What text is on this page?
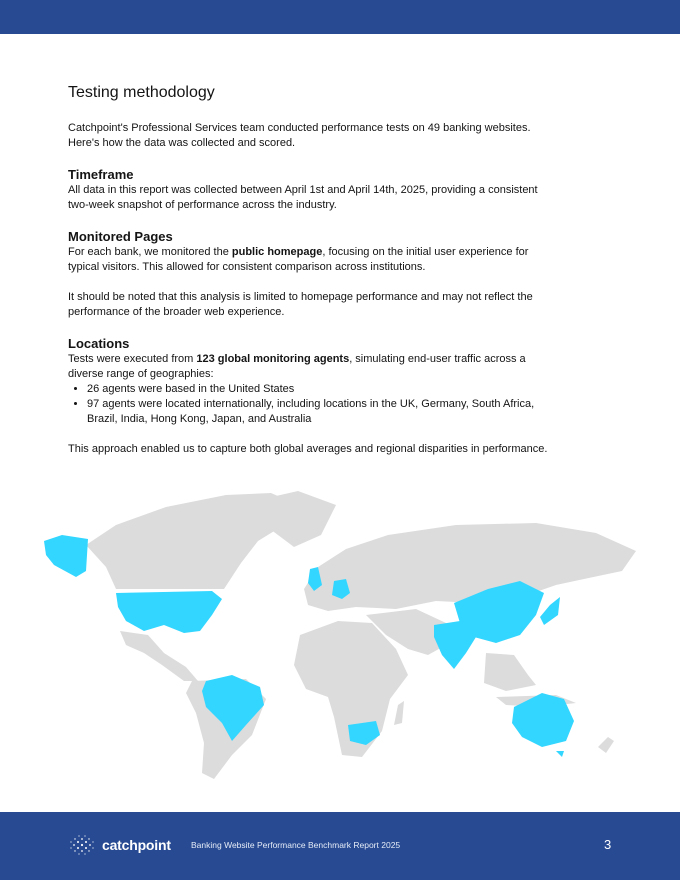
Testing methodology

Catchpoint's Professional Services team conducted performance tests on 49 banking websites. Here's how the data was collected and scored.

Timeframe

All data in this report was collected between April 1st and April 14th, 2025, providing a consistent two-week snapshot of performance across the industry.

Monitored Pages

For each bank, we monitored the public homepage, focusing on the initial user experience for typical visitors. This allowed for consistent comparison across institutions.

It should be noted that this analysis is limited to homepage performance and may not reflect the performance of the broader web experience.

Locations

Tests were executed from 123 global monitoring agents, simulating end-user traffic across a diverse range of geographies:

• 26 agents were based in the United States
• 97 agents were located internationally, including locations in the UK, Germany, South Africa, Brazil, India, Hong Kong, Japan, and Australia

This approach enabled us to capture both global averages and regional disparities in performance.

catchpoint Banking Website Performance Benchmark Report 2025	3
